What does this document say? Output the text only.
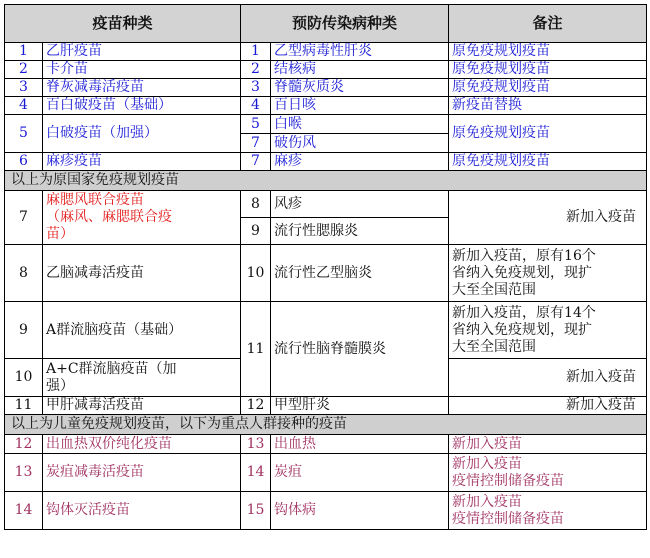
疫苗种类		预防传染病种类		备注
1	乙肝疫苗	1	乙型病毒性肝炎	原免疫规划疫苗
2	卡介苗	2	结核病	原免疫规划疫苗
3	脊灰减毒活疫苗	3	脊髓灰质炎	原免疫规划疫苗
4	百白破疫苗（基础）	4	百日咳	新疫苗替换
5	白破疫苗（加强）	5	白喉	原免疫规划疫苗
		7	破伤风	
6	麻疹疫苗	7	麻疹	原免疫规划疫苗
以上为原国家免疫规划疫苗				
7	麻腮风联合疫苗
（麻风、麻腮联合疫
苗）	8	风疹	新加入疫苗
		9	流行性腮腺炎	
8	乙脑减毒活疫苗	10	流行性乙型脑炎	新加入疫苗，原有16个
省纳入免疫规划，现扩
大至全国范围

9	A群流脑疫苗（基础）	11	流行性脑脊髓膜炎	新加入疫苗，原有14个
省纳入免疫规划，现扩
大至全国范围

10	A+C群流脑疫苗（加
强）			新加入疫苗
11	甲肝减毒活疫苗	12	甲型肝炎	新加入疫苗
以上为儿童免疫规划疫苗，以下为重点人群接种的疫苗				
12	出血热双价纯化疫苗	13	出血热	新加入疫苗
13	炭疽减毒活疫苗	14	炭疽	新加入疫苗
疫情控制储备疫苗

14	钩体灭活疫苗	15	钩体病	新加入疫苗
疫情控制储备疫苗
